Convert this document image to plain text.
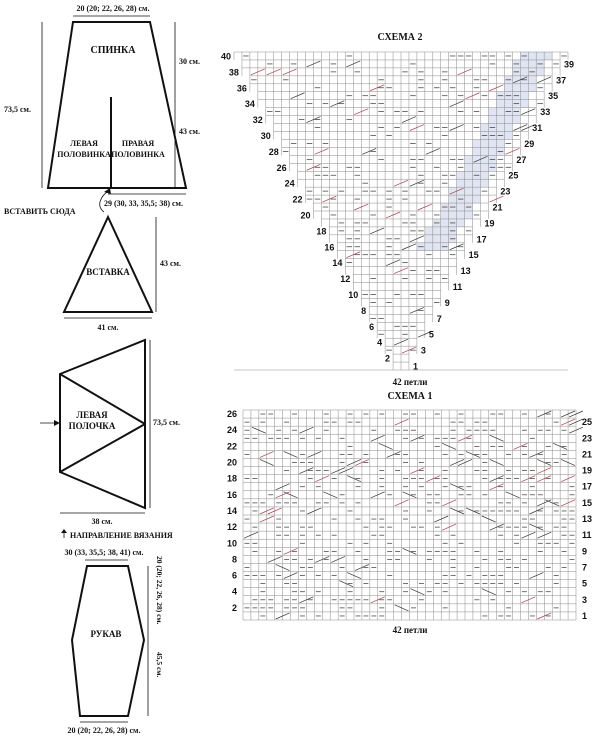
СПИНКА
ЛЕВАЯ
ПОЛОВИНКА
ПРАВАЯ
ПОЛОВИНКА
20 (20; 22, 26, 28) см.
73,5 см.
30 см.
43 см.
29 (30, 33, 35,5; 38) см.
ВСТАВИТЬ СЮДА
ВСТАВКА
43 см.
41 см.
ЛЕВАЯ
ПОЛОЧКА	73,5 см.
38 см.
НАПРАВЛЕНИЕ ВЯЗАНИЯ
30 (33, 35,5; 38, 41) см.
РУКАВ
20 (20; 22, 26, 28) см.
45,5 см.
20 (20; 22, 26, 28) см.
СХЕМА 2
2
4
6
8
10
12
14
16
18
20
22
24
26
28
30
32
34
36
38
40
1
3
5
7
9
11
13
15
17
19
21
23
25
27
29
31
33
35
37
39
42 петли
СХЕМА 1
2
4
6
8
10
12
14
16
18
20
22
24
26
1
3
5
7
9
11
13
15
17
19
21
23
25
42 петли
